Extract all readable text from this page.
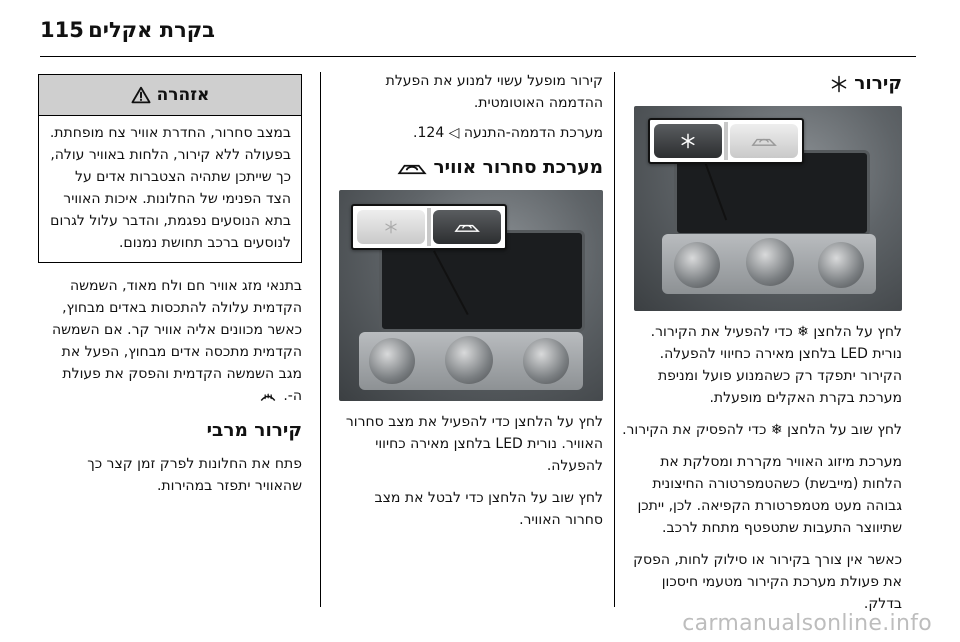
115 בקרת אקלים
קירור

לחץ על הלחצן ❄ כדי להפעיל את הקירור. נורית LED בלחצן מאירה כחיווי להפעלה. הקירור יתפקד רק כשהמנוע פועל ומניפת מערכת בקרת האקלים מופעלת.

לחץ שוב על הלחצן ❄ כדי להפסיק את הקירור.

מערכת מיזוג האוויר מקררת ומסלקת את הלחות (מייבשת) כשהטמפרטורה החיצונית גבוהה מעט מטמפרטורת הקפיאה. לכן, ייתכן שתיווצר התעבות שתטפטף מתחת לרכב.

כאשר אין צורך בקירור או סילוק לחות, הפסק את פעולת מערכת הקירור מטעמי חיסכון בדלק.

קירור מופעל עשוי למנוע את הפעלת ההדממה האוטומטית.

מערכת הדממה-התנעה ◁ 124.

מערכת סחרור אוויר

לחץ על הלחצן כדי להפעיל את מצב סחרור האוויר. נורית LED בלחצן מאירה כחיווי להפעלה.

לחץ שוב על הלחצן כדי לבטל את מצב סחרור האוויר.

אזהרה
במצב סחרור, החדרת אוויר צח מופחתת. בפעולה ללא קירור, הלחות באוויר עולה, כך שייתכן שתהיה הצטברות אדים על הצד הפנימי של החלונות. איכות האוויר בתא הנוסעים נפגמת, והדבר עלול לגרום לנוסעים ברכב תחושת נמנום.

בתנאי מזג אוויר חם ולח מאוד, השמשה הקדמית עלולה להתכסות באדים מבחוץ, כאשר מכוונים אליה אוויר קר. אם השמשה הקדמית מתכסה אדים מבחוץ, הפעל את מגב השמשה הקדמית והפסק את פעולת ה-.

קירור מרבי

פתח את החלונות לפרק זמן קצר כך שהאוויר יתפזר במהירות.

carmanualsonline.info
